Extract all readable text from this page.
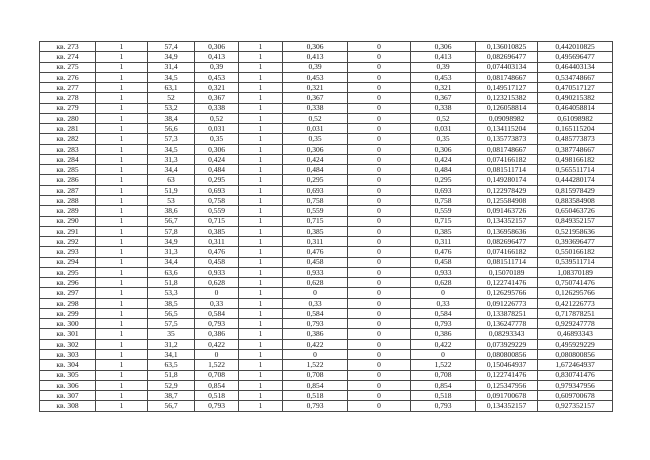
кв. 273	1	57,4	0,306	1	0,306	0	0,306	0,136010825	0,442010825
кв. 274	1	34,9	0,413	1	0,413	0	0,413	0,082696477	0,495696477
кв. 275	1	31,4	0,39	1	0,39	0	0,39	0,074403134	0,464403134
кв. 276	1	34,5	0,453	1	0,453	0	0,453	0,081748667	0,534748667
кв. 277	1	63,1	0,321	1	0,321	0	0,321	0,149517127	0,470517127
кв. 278	1	52	0,367	1	0,367	0	0,367	0,123215382	0,490215382
кв. 279	1	53,2	0,338	1	0,338	0	0,338	0,126058814	0,464058814
кв. 280	1	38,4	0,52	1	0,52	0	0,52	0,09098982	0,61098982
кв. 281	1	56,6	0,031	1	0,031	0	0,031	0,134115204	0,165115204
кв. 282	1	57,3	0,35	1	0,35	0	0,35	0,135773873	0,485773873
кв. 283	1	34,5	0,306	1	0,306	0	0,306	0,081748667	0,387748667
кв. 284	1	31,3	0,424	1	0,424	0	0,424	0,074166182	0,498166182
кв. 285	1	34,4	0,484	1	0,484	0	0,484	0,081511714	0,565511714
кв. 286	1	63	0,295	1	0,295	0	0,295	0,149280174	0,444280174
кв. 287	1	51,9	0,693	1	0,693	0	0,693	0,122978429	0,815978429
кв. 288	1	53	0,758	1	0,758	0	0,758	0,125584908	0,883584908
кв. 289	1	38,6	0,559	1	0,559	0	0,559	0,091463726	0,650463726
кв. 290	1	56,7	0,715	1	0,715	0	0,715	0,134352157	0,849352157
кв. 291	1	57,8	0,385	1	0,385	0	0,385	0,136958636	0,521958636
кв. 292	1	34,9	0,311	1	0,311	0	0,311	0,082696477	0,393696477
кв. 293	1	31,3	0,476	1	0,476	0	0,476	0,074166182	0,550166182
кв. 294	1	34,4	0,458	1	0,458	0	0,458	0,081511714	0,539511714
кв. 295	1	63,6	0,933	1	0,933	0	0,933	0,15070189	1,08370189
кв. 296	1	51,8	0,628	1	0,628	0	0,628	0,122741476	0,750741476
кв. 297	1	53,3	0	1	0	0	0	0,126295766	0,126295766
кв. 298	1	38,5	0,33	1	0,33	0	0,33	0,091226773	0,421226773
кв. 299	1	56,5	0,584	1	0,584	0	0,584	0,133878251	0,717878251
кв. 300	1	57,5	0,793	1	0,793	0	0,793	0,136247778	0,929247778
кв. 301	1	35	0,386	1	0,386	0	0,386	0,08293343	0,46893343
кв. 302	1	31,2	0,422	1	0,422	0	0,422	0,073929229	0,495929229
кв. 303	1	34,1	0	1	0	0	0	0,080800856	0,080800856
кв. 304	1	63,5	1,522	1	1,522	0	1,522	0,150464937	1,672464937
кв. 305	1	51,8	0,708	1	0,708	0	0,708	0,122741476	0,830741476
кв. 306	1	52,9	0,854	1	0,854	0	0,854	0,125347956	0,979347956
кв. 307	1	38,7	0,518	1	0,518	0	0,518	0,091700678	0,609700678
кв. 308	1	56,7	0,793	1	0,793	0	0,793	0,134352157	0,927352157
